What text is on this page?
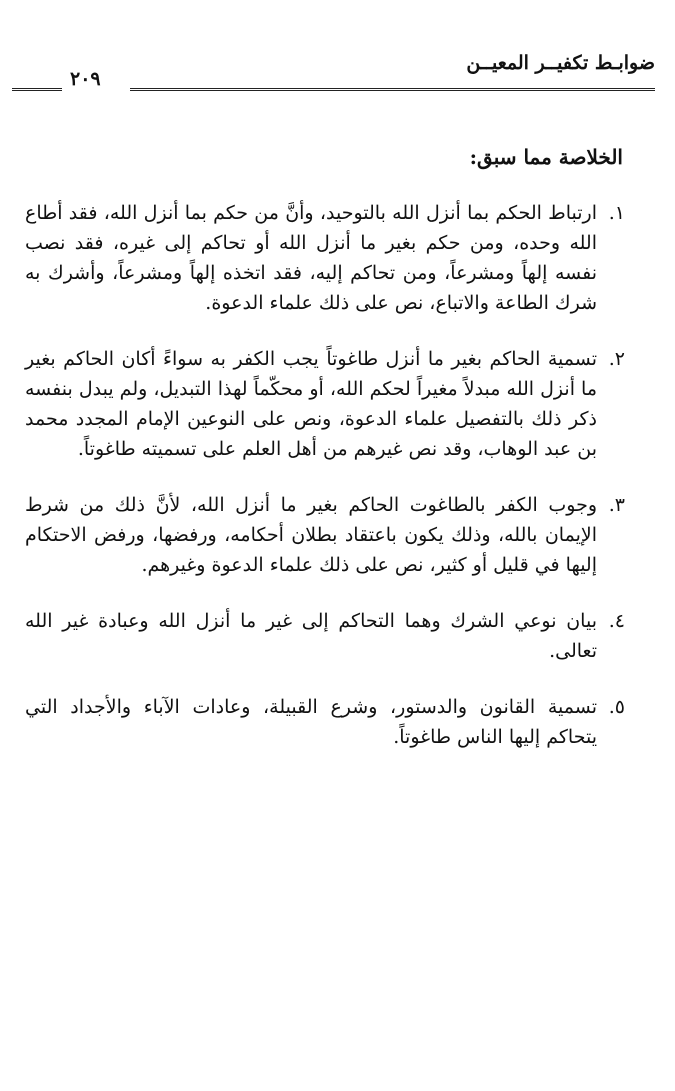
ضوابـط تكفيــر المعيــن
٢٠٩
الخلاصة مما سبق:
١.
ارتباط الحكم بما أنزل الله بالتوحيد، وأنَّ من حكم بما أنزل الله، فقد أطاع الله وحده، ومن حكم بغير ما أنزل الله أو تحاكم إلى غيره، فقد نصب نفسه إلهاً ومشرعاً، ومن تحاكم إليه، فقد اتخذه إلهاً ومشرعاً، وأشرك به شرك الطاعة والاتباع، نص على ذلك علماء الدعوة.
٢.
تسمية الحاكم بغير ما أنزل طاغوتاً يجب الكفر به سواءً أكان الحاكم بغير ما أنزل الله مبدلاً مغيراً لحكم الله، أو محكّماً لهذا التبديل، ولم يبدل بنفسه ذكر ذلك بالتفصيل علماء الدعوة، ونص على النوعين الإمام المجدد محمد بن عبد الوهاب، وقد نص غيرهم من أهل العلم على تسميته طاغوتاً.
٣.
وجوب الكفر بالطاغوت الحاكم بغير ما أنزل الله، لأنَّ ذلك من شرط الإيمان بالله، وذلك يكون باعتقاد بطلان أحكامه، ورفضها، ورفض الاحتكام إليها في قليل أو كثير، نص على ذلك علماء الدعوة وغيرهم.
٤.
بيان نوعي الشرك وهما التحاكم إلى غير ما أنزل الله وعبادة غير الله تعالى.
٥.
تسمية القانون والدستور، وشرع القبيلة، وعادات الآباء والأجداد التي يتحاكم إليها الناس طاغوتاً.
